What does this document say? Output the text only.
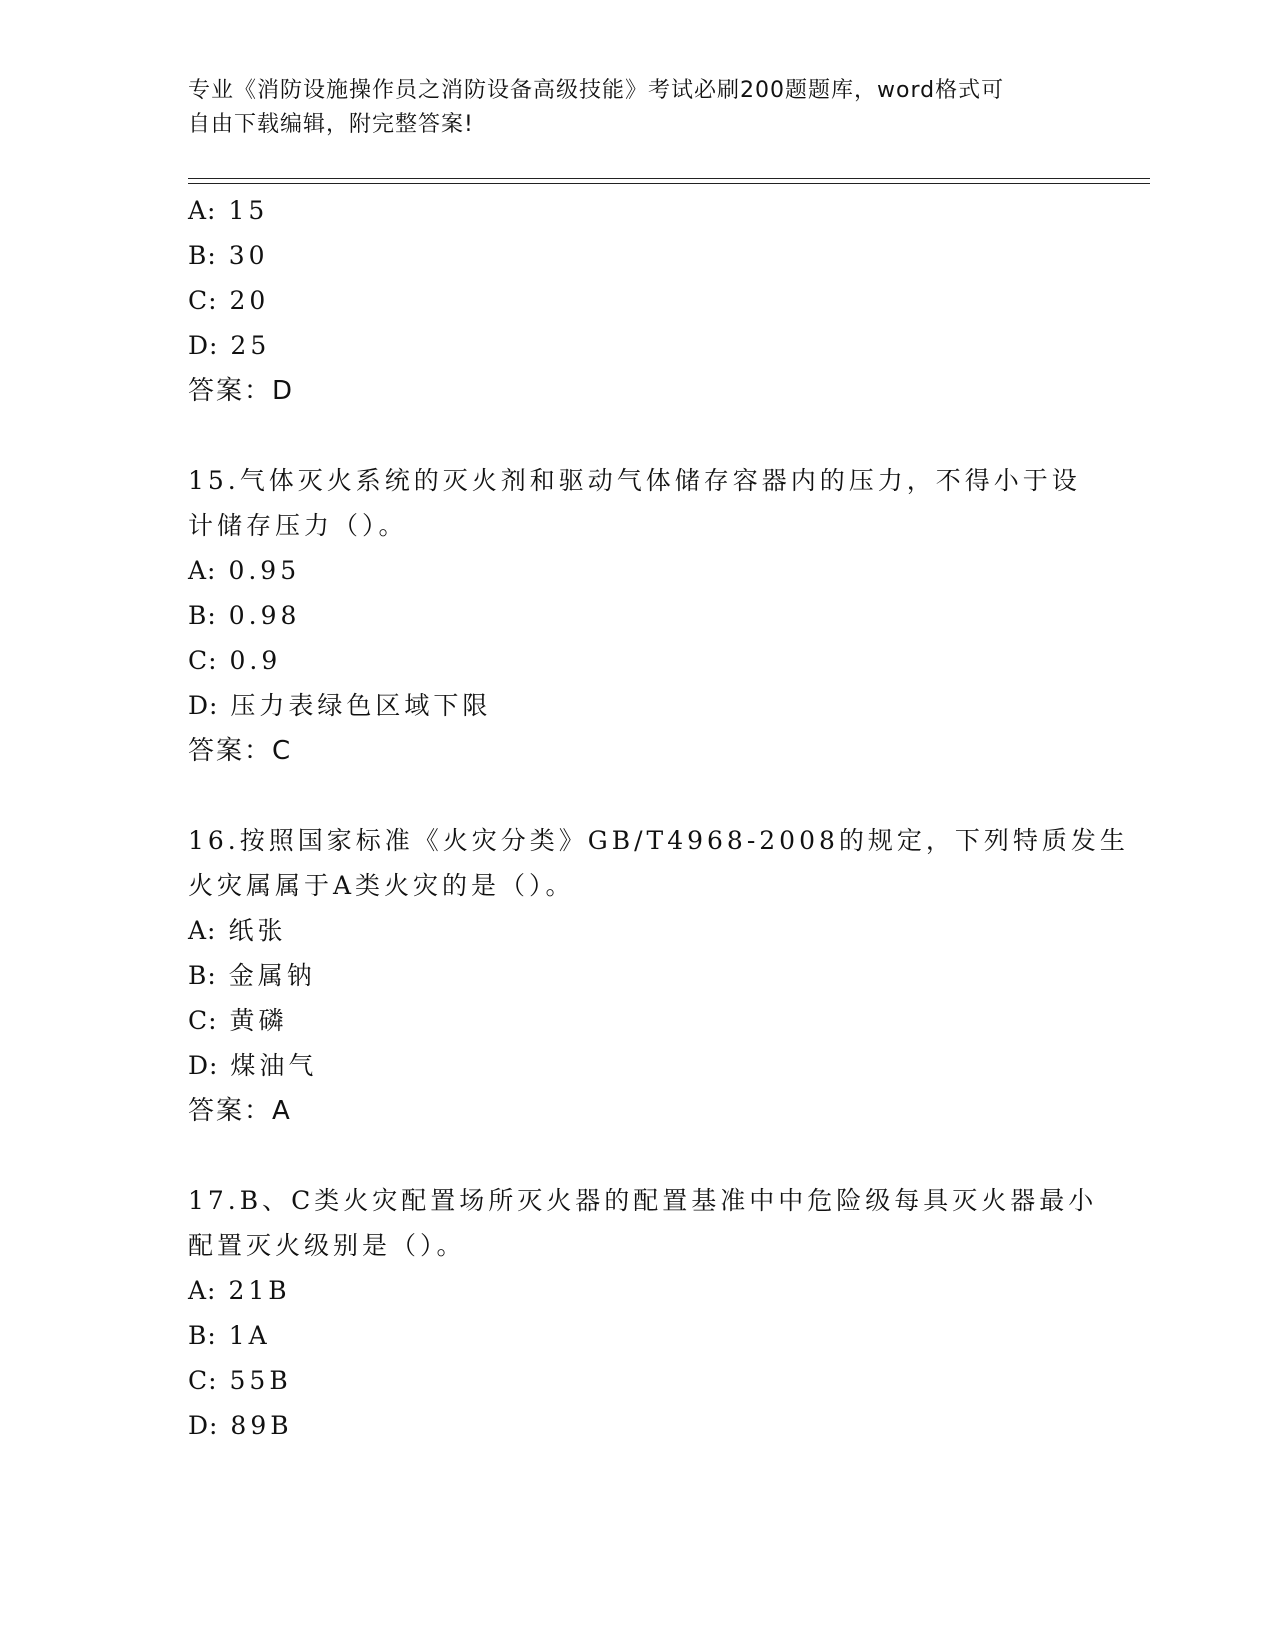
专业《消防设施操作员之消防设备高级技能》考试必刷200题题库，word格式可
自由下载编辑，附完整答案!
A: 15
B: 30
C: 20
D: 25
答案：D
15.气体灭火系统的灭火剂和驱动气体储存容器内的压力，不得小于设
计储存压力（）。
A: 0.95
B: 0.98
C: 0.9
D: 压力表绿色区域下限
答案：C
16.按照国家标准《火灾分类》GB/T4968-2008的规定，下列特质发生
火灾属属于A类火灾的是（）。
A: 纸张
B: 金属钠
C: 黄磷
D: 煤油气
答案：A
17.B、C类火灾配置场所灭火器的配置基准中中危险级每具灭火器最小
配置灭火级别是（）。
A: 21B
B: 1A
C: 55B
D: 89B
